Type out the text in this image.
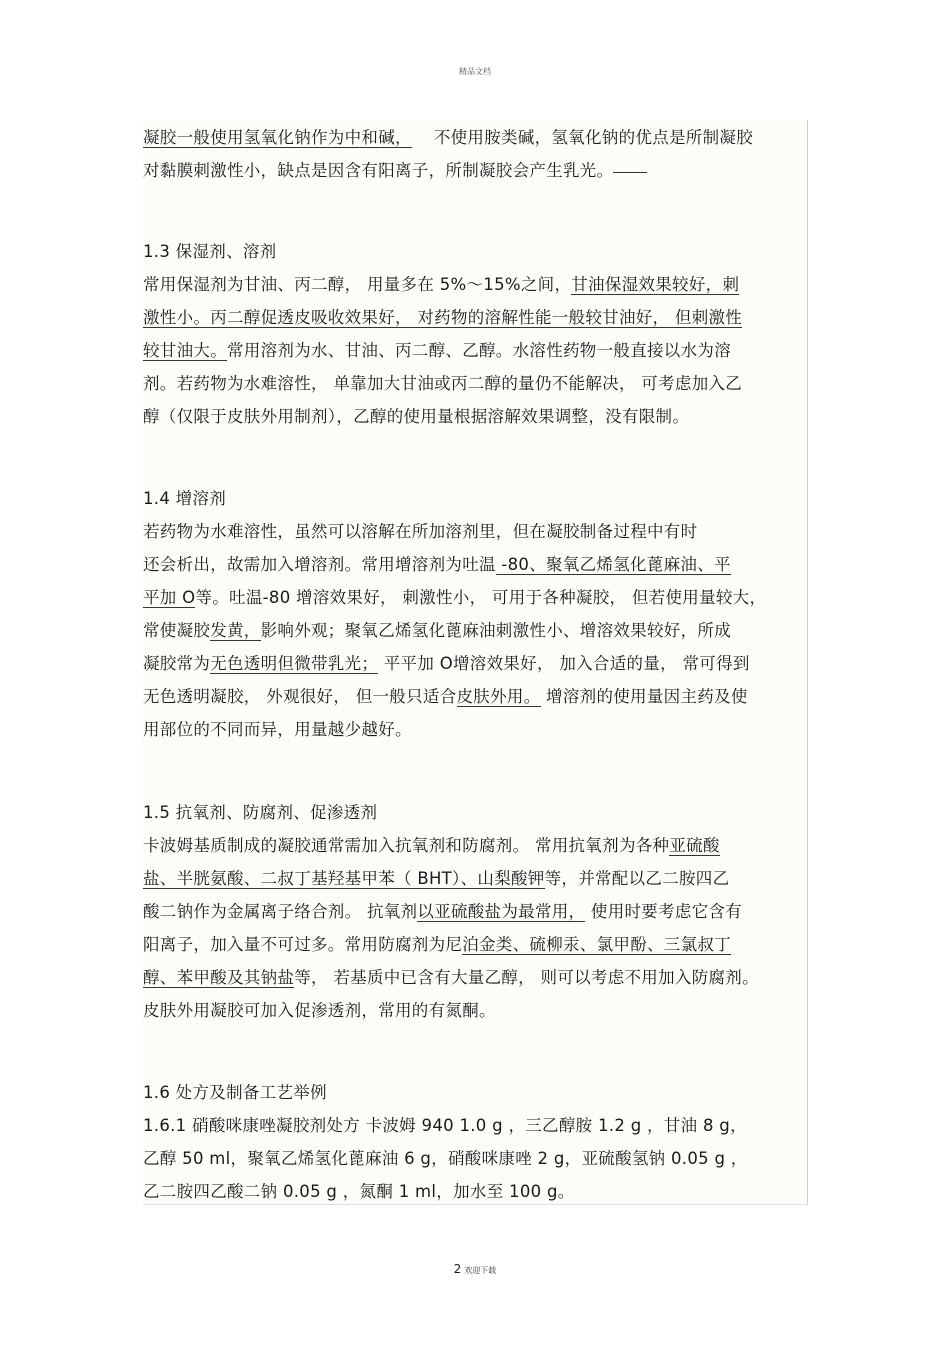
精品文档
凝胶一般使用氢氧化钠作为中和碱， 不使用胺类碱，氢氧化钠的优点是所制凝胶
对黏膜刺激性小，缺点是因含有阳离子，所制凝胶会产生乳光。
1.3 保湿剂、溶剂
常用保湿剂为甘油、丙二醇， 用量多在 5%～15%之间，甘油保湿效果较好，刺
激性小。丙二醇促透皮吸收效果好， 对药物的溶解性能一般较甘油好， 但刺激性
较甘油大。常用溶剂为水、甘油、丙二醇、乙醇。水溶性药物一般直接以水为溶
剂。若药物为水难溶性， 单靠加大甘油或丙二醇的量仍不能解决， 可考虑加入乙
醇（仅限于皮肤外用制剂），乙醇的使用量根据溶解效果调整，没有限制。
1.4 增溶剂
若药物为水难溶性，虽然可以溶解在所加溶剂里，但在凝胶制备过程中有时
还会析出，故需加入增溶剂。常用增溶剂为吐温 -80、聚氧乙烯氢化蓖麻油、平
平加 O等。吐温-80 增溶效果好， 刺激性小， 可用于各种凝胶， 但若使用量较大，
常使凝胶发黄，影响外观；聚氧乙烯氢化蓖麻油刺激性小、增溶效果较好，所成
凝胶常为无色透明但微带乳光； 平平加 O增溶效果好， 加入合适的量， 常可得到
无色透明凝胶， 外观很好， 但一般只适合皮肤外用。 增溶剂的使用量因主药及使
用部位的不同而异，用量越少越好。
1.5 抗氧剂、防腐剂、促渗透剂
卡波姆基质制成的凝胶通常需加入抗氧剂和防腐剂。 常用抗氧剂为各种亚硫酸
盐、半胱氨酸、二叔丁基羟基甲苯（ BHT）、山梨酸钾等，并常配以乙二胺四乙
酸二钠作为金属离子络合剂。 抗氧剂以亚硫酸盐为最常用， 使用时要考虑它含有
阳离子，加入量不可过多。常用防腐剂为尼泊金类、硫柳汞、氯甲酚、三氯叔丁
醇、苯甲酸及其钠盐等， 若基质中已含有大量乙醇， 则可以考虑不用加入防腐剂。
皮肤外用凝胶可加入促渗透剂，常用的有氮酮。
1.6 处方及制备工艺举例
1.6.1 硝酸咪康唑凝胶剂处方 卡波姆 940 1.0 g ，三乙醇胺 1.2 g ，甘油 8 g，
乙醇 50 ml，聚氧乙烯氢化蓖麻油 6 g，硝酸咪康唑 2 g，亚硫酸氢钠 0.05 g ，
乙二胺四乙酸二钠 0.05 g ，氮酮 1 ml，加水至 100 g。
2 欢迎下载
